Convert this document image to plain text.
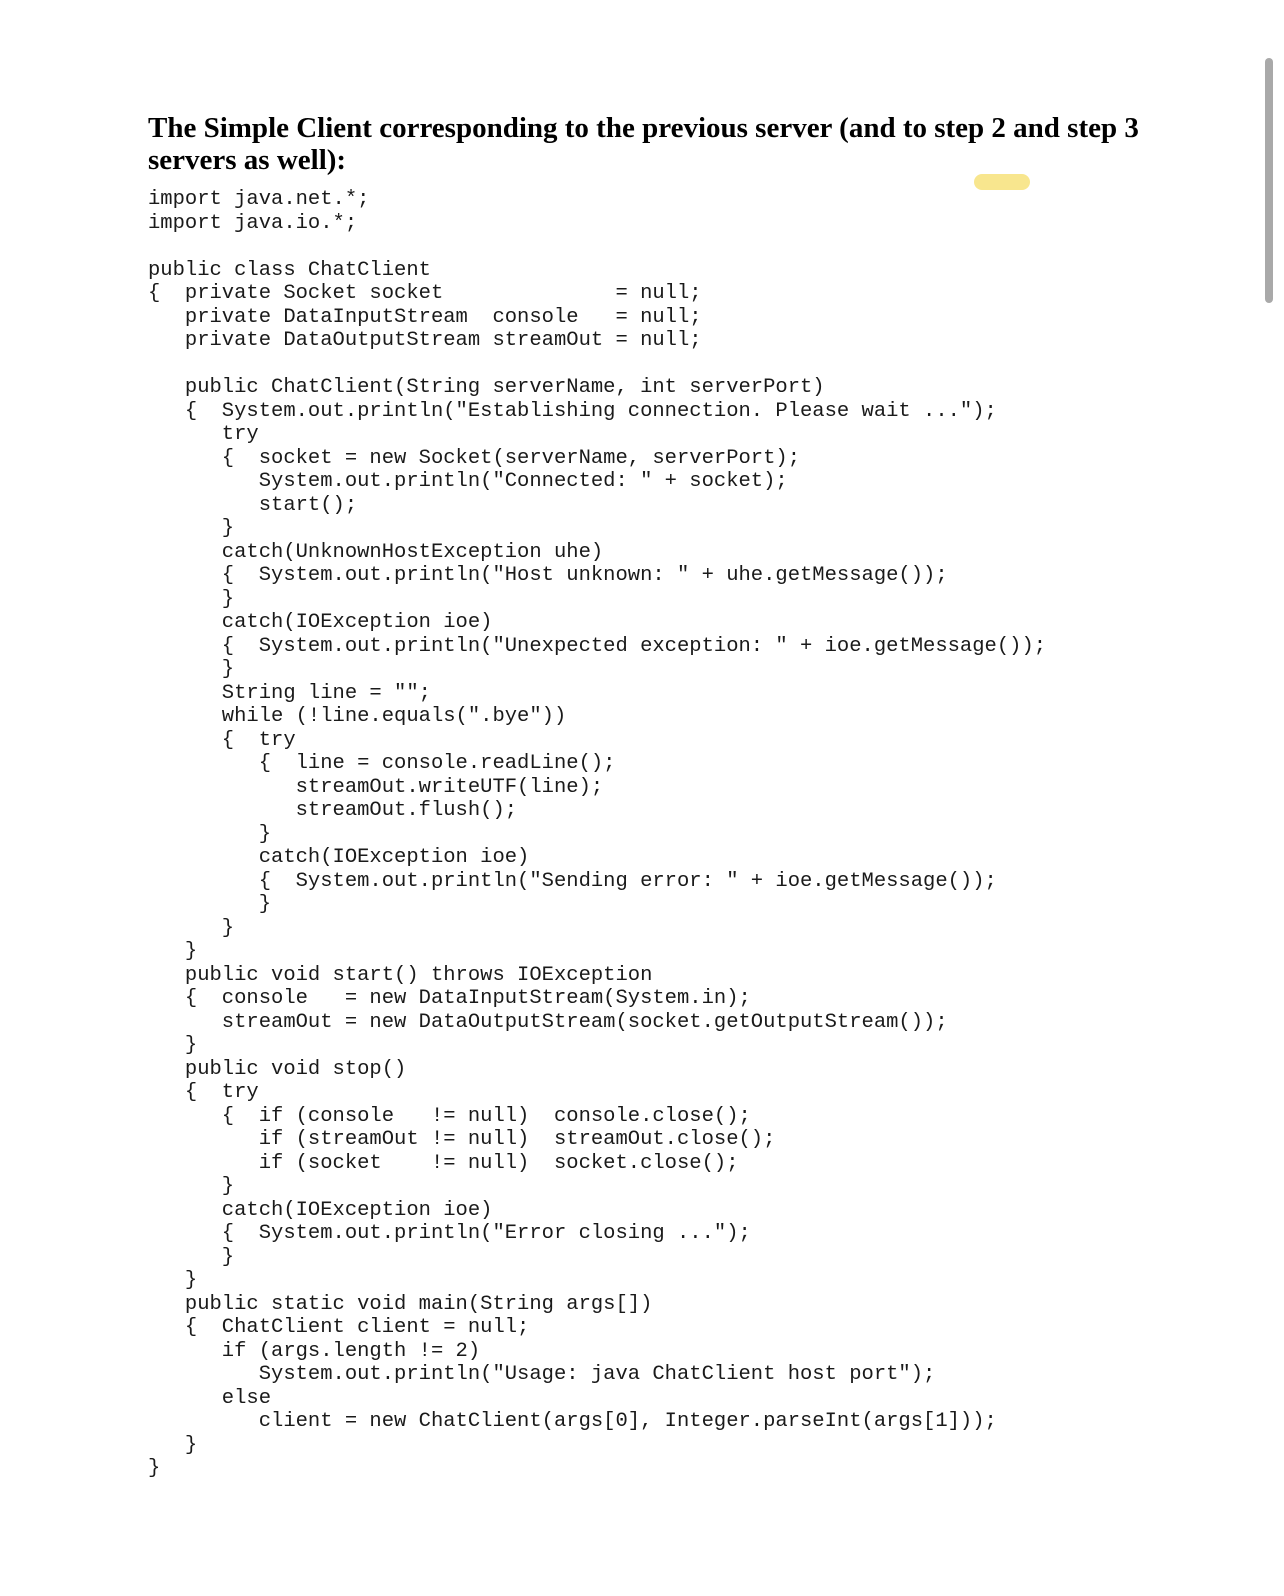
The Simple Client corresponding to the previous server (and to step 2 and step 3
servers as well):
import java.net.*;
import java.io.*;

public class ChatClient
{  private Socket socket              = null;
private DataInputStream  console   = null;
private DataOutputStream streamOut = null;

public ChatClient(String serverName, int serverPort)
{  System.out.println("Establishing connection. Please wait ...");
try
{  socket = new Socket(serverName, serverPort);
System.out.println("Connected: " + socket);
start();
}
catch(UnknownHostException uhe)
{  System.out.println("Host unknown: " + uhe.getMessage());
}
catch(IOException ioe)
{  System.out.println("Unexpected exception: " + ioe.getMessage());
}
String line = "";
while (!line.equals(".bye"))
{  try
{  line = console.readLine();
streamOut.writeUTF(line);
streamOut.flush();
}
catch(IOException ioe)
{  System.out.println("Sending error: " + ioe.getMessage());
}
}
}
public void start() throws IOException
{  console   = new DataInputStream(System.in);
streamOut = new DataOutputStream(socket.getOutputStream());
}
public void stop()
{  try
{  if (console   != null)  console.close();
if (streamOut != null)  streamOut.close();
if (socket    != null)  socket.close();
}
catch(IOException ioe)
{  System.out.println("Error closing ...");
}
}
public static void main(String args[])
{  ChatClient client = null;
if (args.length != 2)
System.out.println("Usage: java ChatClient host port");
else
client = new ChatClient(args[0], Integer.parseInt(args[1]));
}
}
